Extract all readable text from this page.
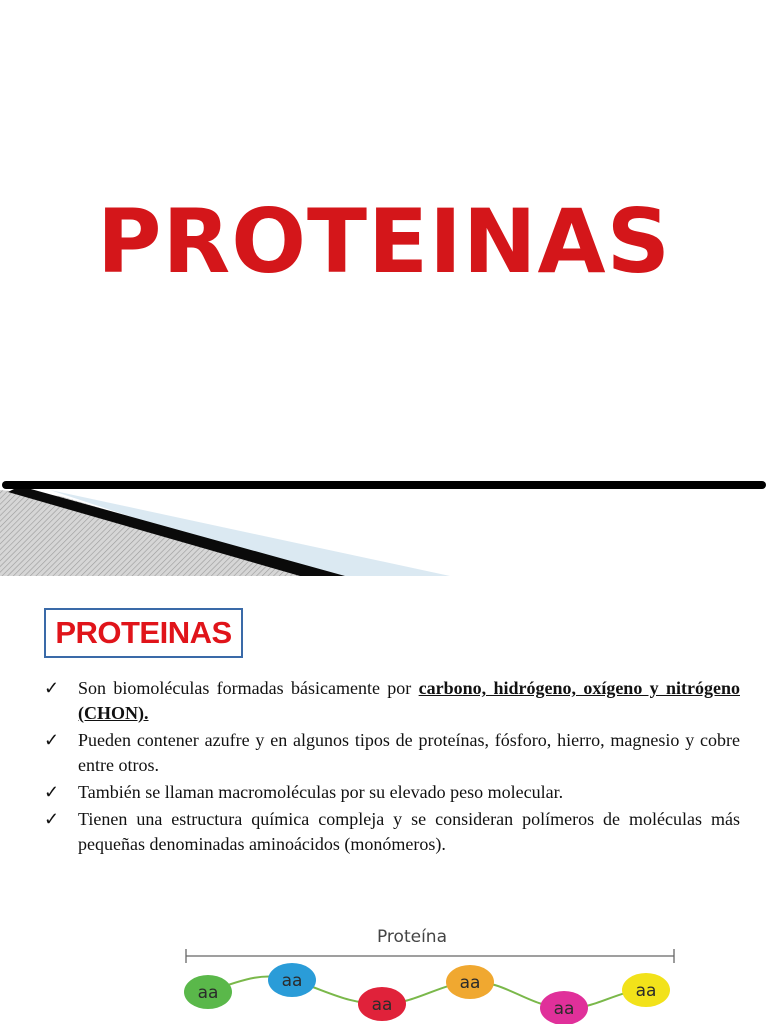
PROTEINAS
PROTEINAS
✓ Son biomoléculas formadas básicamente por carbono, hidrógeno, oxígeno y nitrógeno (CHON).
✓ Pueden contener azufre y en algunos tipos de proteínas, fósforo, hierro, magnesio y cobre entre otros.
✓ También se llaman macromoléculas por su elevado peso molecular.
✓ Tienen una estructura química compleja y se consideran polímeros de moléculas más pequeñas denominadas aminoácidos (monómeros).
Proteína
aa
aa
aa
aa
aa
aa
